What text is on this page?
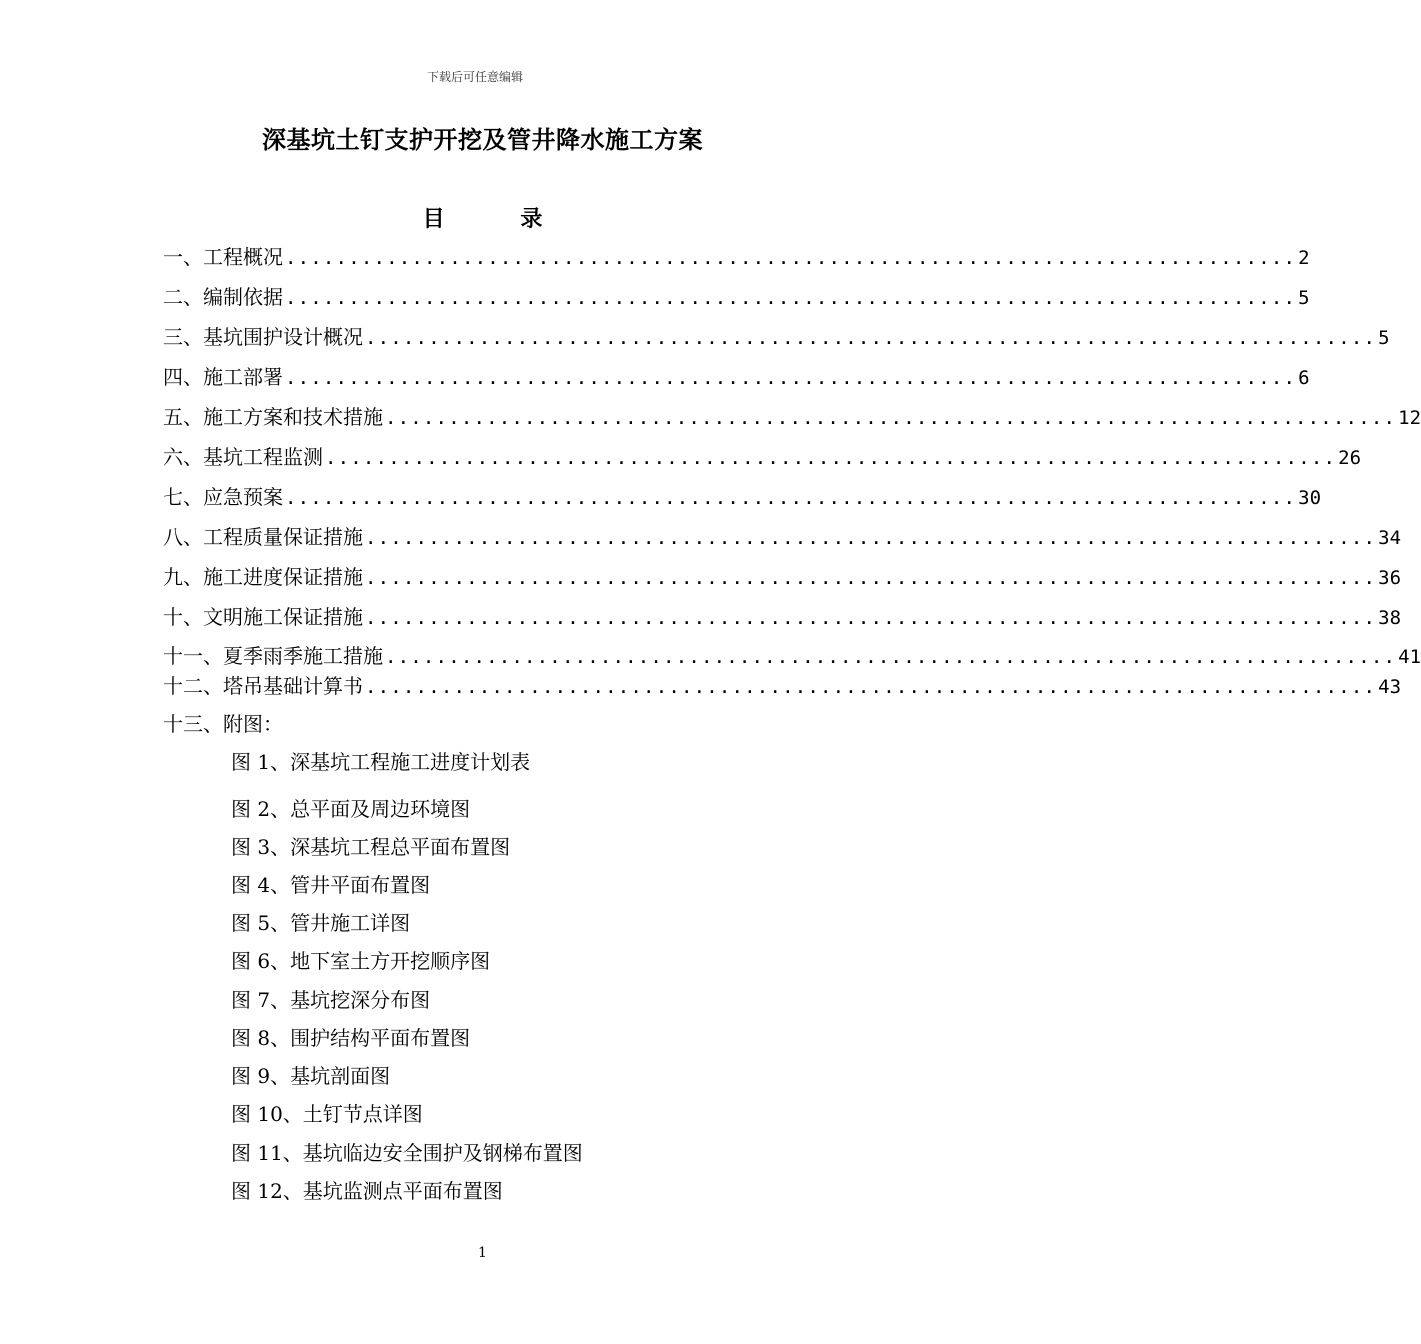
下载后可任意编辑
深基坑土钉支护开挖及管井降水施工方案
目 录
一、工程概况 ................................................................................ 2
二、编制依据 ................................................................................ 5
三、基坑围护设计概况 ................................................................................ 5
四、施工部署 ................................................................................ 6
五、施工方案和技术措施 ................................................................................ 12
六、基坑工程监测 ................................................................................ 26
七、应急预案 ................................................................................ 30
八、工程质量保证措施 ................................................................................ 34
九、施工进度保证措施 ................................................................................ 36
十、文明施工保证措施 ................................................................................ 38
十一、夏季雨季施工措施 ................................................................................ 41
十二、塔吊基础计算书 ................................................................................ 43
十三、附图：
图 1、深基坑工程施工进度计划表
图 2、总平面及周边环境图
图 3、深基坑工程总平面布置图
图 4、管井平面布置图
图 5、管井施工详图
图 6、地下室土方开挖顺序图
图 7、基坑挖深分布图
图 8、围护结构平面布置图
图 9、基坑剖面图
图 10、土钉节点详图
图 11、基坑临边安全围护及钢梯布置图
图 12、基坑监测点平面布置图
1
